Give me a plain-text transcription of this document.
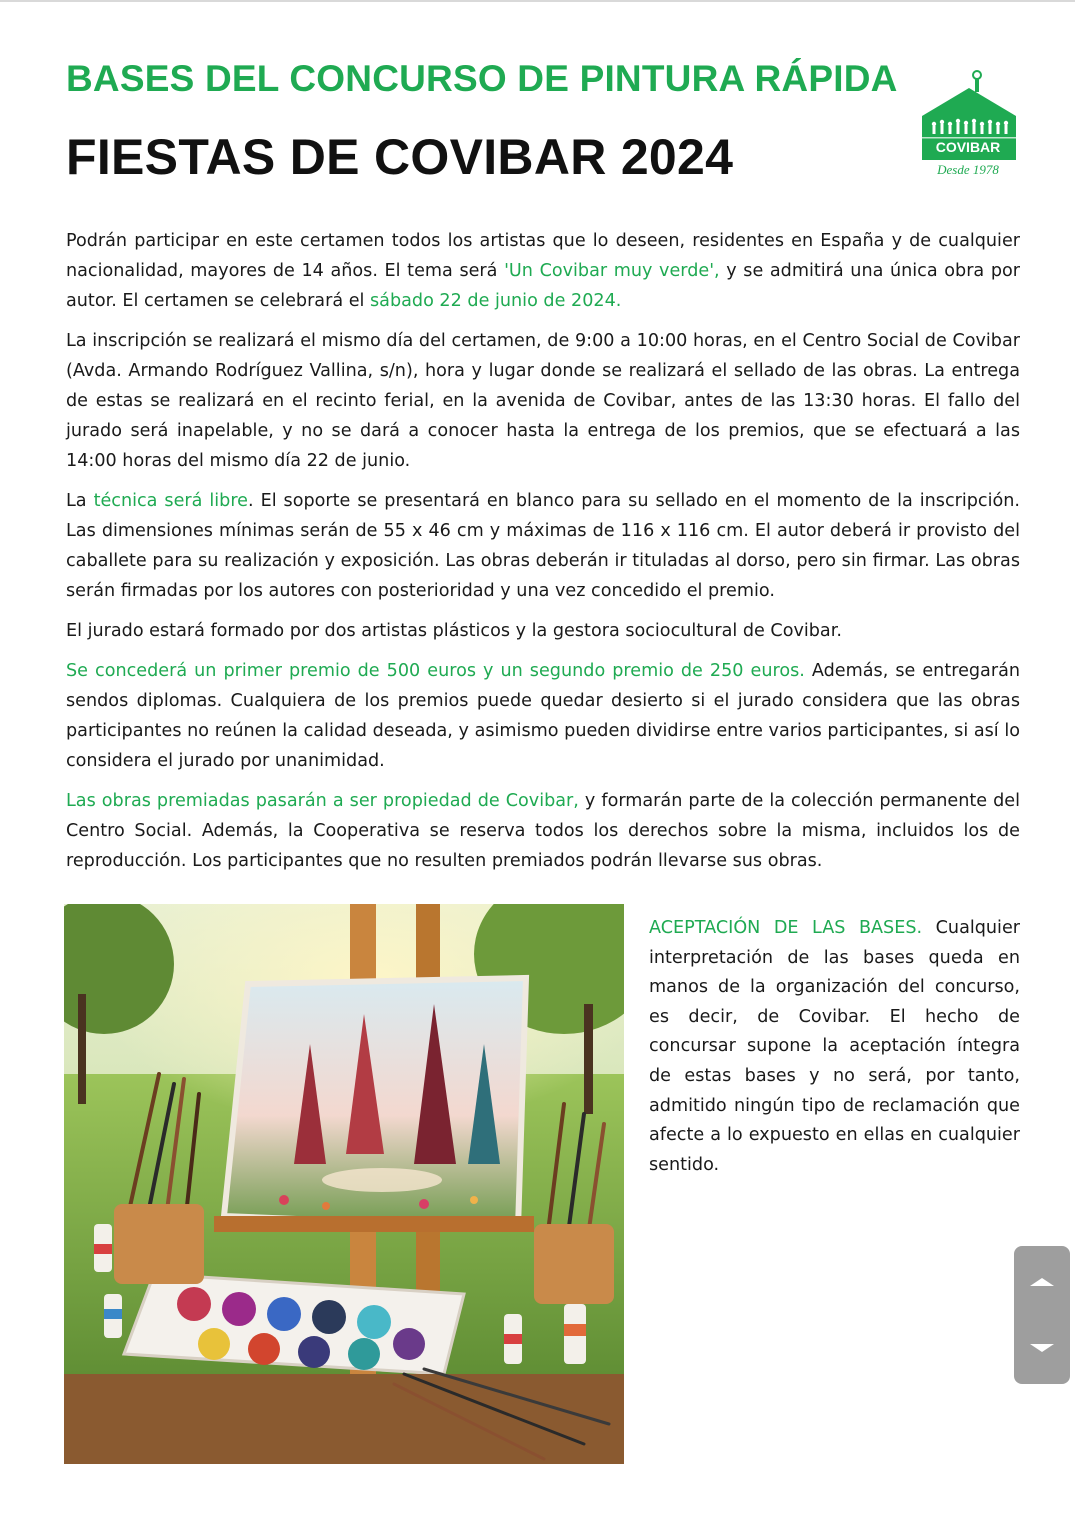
BASES DEL CONCURSO DE PINTURA RÁPIDA
FIESTAS DE COVIBAR 2024	COVIBAR
Desde 1978

Podrán participar en este certamen todos los artistas que lo deseen, residentes en España y de cualquier nacionalidad, mayores de 14 años. El tema será 'Un Covibar muy verde', y se admitirá una única obra por autor. El certamen se celebrará el sábado 22 de junio de 2024.

La inscripción se realizará el mismo día del certamen, de 9:00 a 10:00 horas, en el Centro Social de Covibar (Avda. Armando Rodríguez Vallina, s/n), hora y lugar donde se realizará el sellado de las obras. La entrega de estas se realizará en el recinto ferial, en la avenida de Covibar, antes de las 13:30 horas. El fallo del jurado será inapelable, y no se dará a conocer hasta la entrega de los premios, que se efectuará a las 14:00 horas del mismo día 22 de junio.

La técnica será libre. El soporte se presentará en blanco para su sellado en el momento de la inscripción. Las dimensiones mínimas serán de 55 x 46 cm y máximas de 116 x 116 cm. El autor deberá ir provisto del caballete para su realización y exposición. Las obras deberán ir tituladas al dorso, pero sin firmar. Las obras serán firmadas por los autores con posterioridad y una vez concedido el premio.

El jurado estará formado por dos artistas plásticos y la gestora sociocultural de Covibar.

Se concederá un primer premio de 500 euros y un segundo premio de 250 euros. Además, se entregarán sendos diplomas. Cualquiera de los premios puede quedar desierto si el jurado considera que las obras participantes no reúnen la calidad deseada, y asimismo pueden dividirse entre varios participantes, si así lo considera el jurado por unanimidad.

Las obras premiadas pasarán a ser propiedad de Covibar, y formarán parte de la colección permanente del Centro Social. Además, la Cooperativa se reserva todos los derechos sobre la misma, incluidos los de reproducción. Los participantes que no resulten premiados podrán llevarse sus obras.

ACEPTACIÓN DE LAS BASES. Cualquier interpretación de las bases queda en manos de la organización del concurso, es decir, de Covibar. El hecho de concursar supone la aceptación íntegra de estas bases y no será, por tanto, admitido ningún tipo de reclamación que afecte a lo expuesto en ellas en cualquier sentido.
